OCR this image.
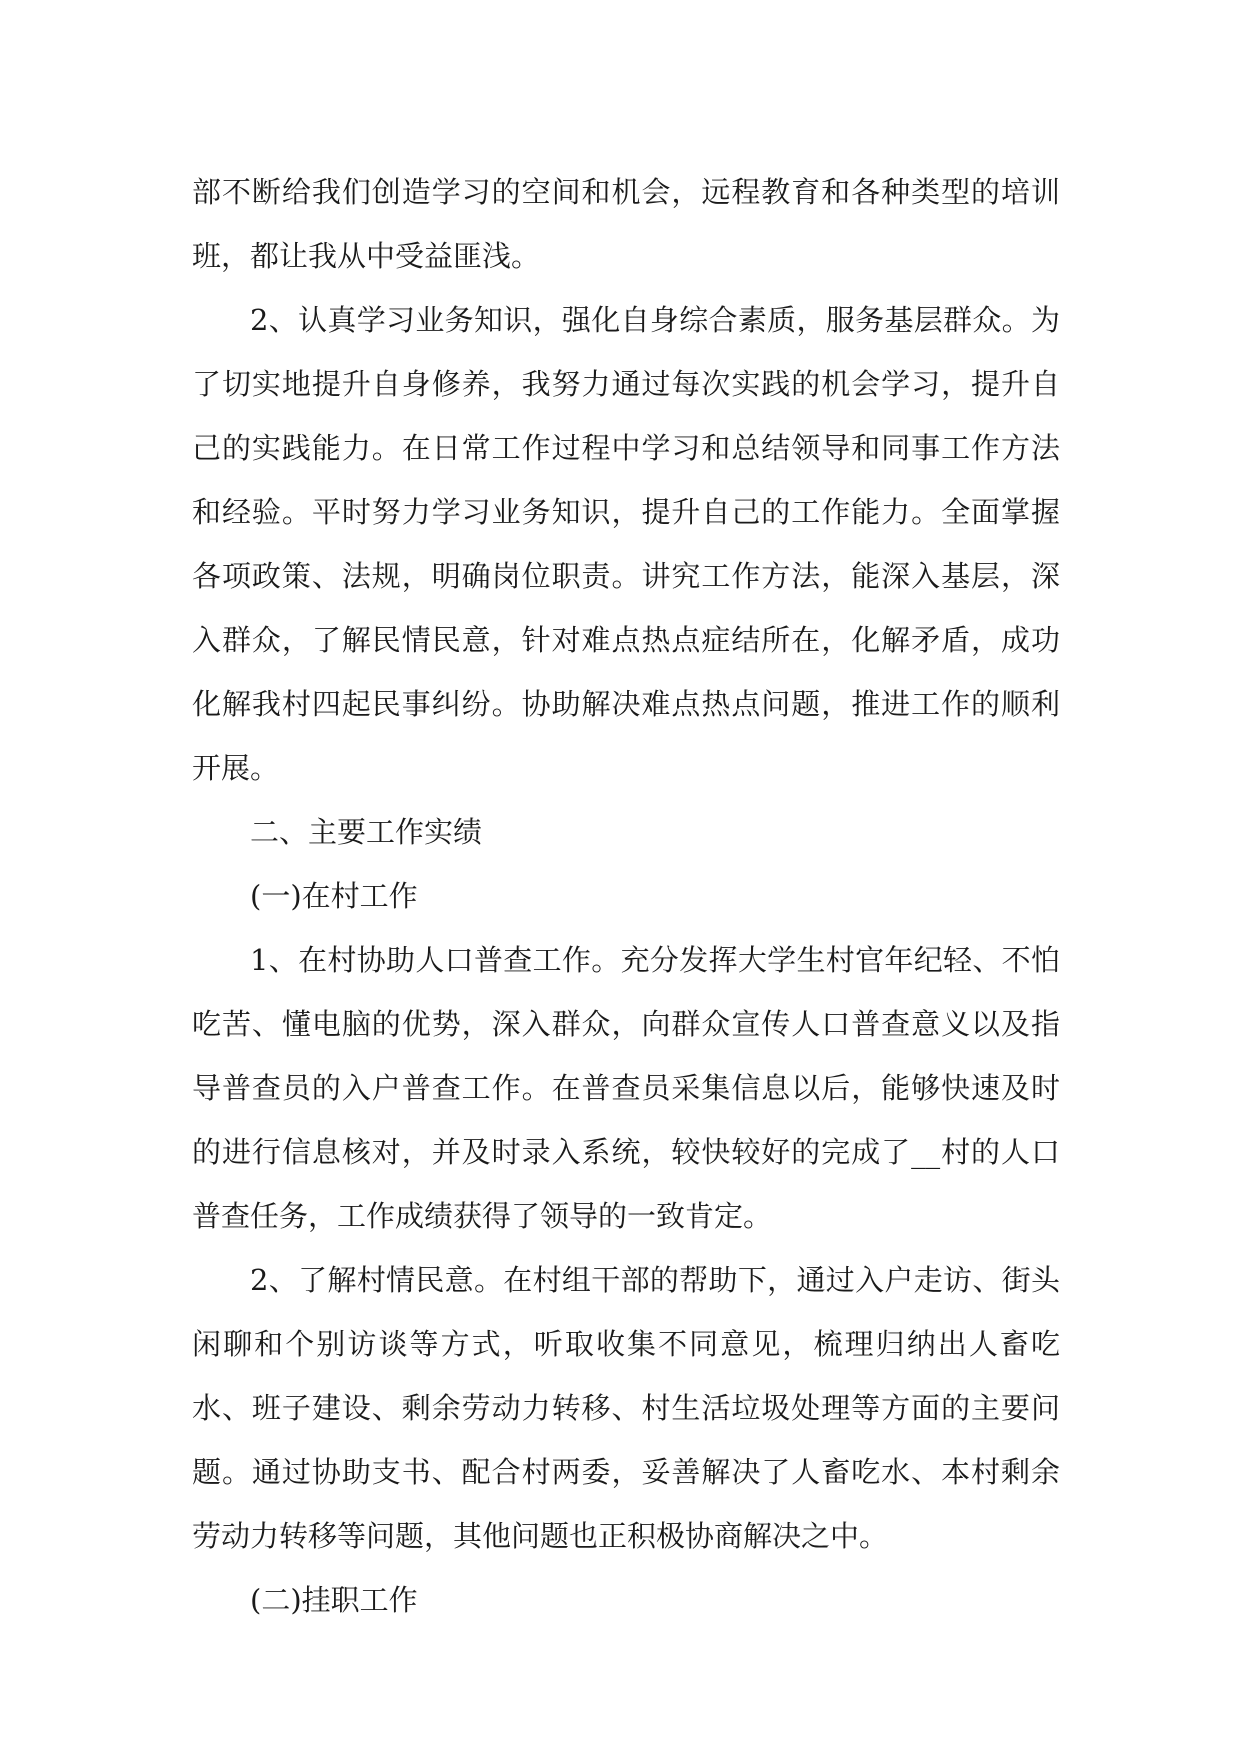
部不断给我们创造学习的空间和机会，远程教育和各种类型的培训班，都让我从中受益匪浅。

2、认真学习业务知识，强化自身综合素质，服务基层群众。为了切实地提升自身修养，我努力通过每次实践的机会学习，提升自己的实践能力。在日常工作过程中学习和总结领导和同事工作方法和经验。平时努力学习业务知识，提升自己的工作能力。全面掌握各项政策、法规，明确岗位职责。讲究工作方法，能深入基层，深入群众，了解民情民意，针对难点热点症结所在，化解矛盾，成功化解我村四起民事纠纷。协助解决难点热点问题，推进工作的顺利开展。

二、主要工作实绩

(一)在村工作

1、在村协助人口普查工作。充分发挥大学生村官年纪轻、不怕吃苦、懂电脑的优势，深入群众，向群众宣传人口普查意义以及指导普查员的入户普查工作。在普查员采集信息以后，能够快速及时的进行信息核对，并及时录入系统，较快较好的完成了__村的人口普查任务，工作成绩获得了领导的一致肯定。

2、了解村情民意。在村组干部的帮助下，通过入户走访、街头闲聊和个别访谈等方式，听取收集不同意见，梳理归纳出人畜吃水、班子建设、剩余劳动力转移、村生活垃圾处理等方面的主要问题。通过协助支书、配合村两委，妥善解决了人畜吃水、本村剩余劳动力转移等问题，其他问题也正积极协商解决之中。

(二)挂职工作
